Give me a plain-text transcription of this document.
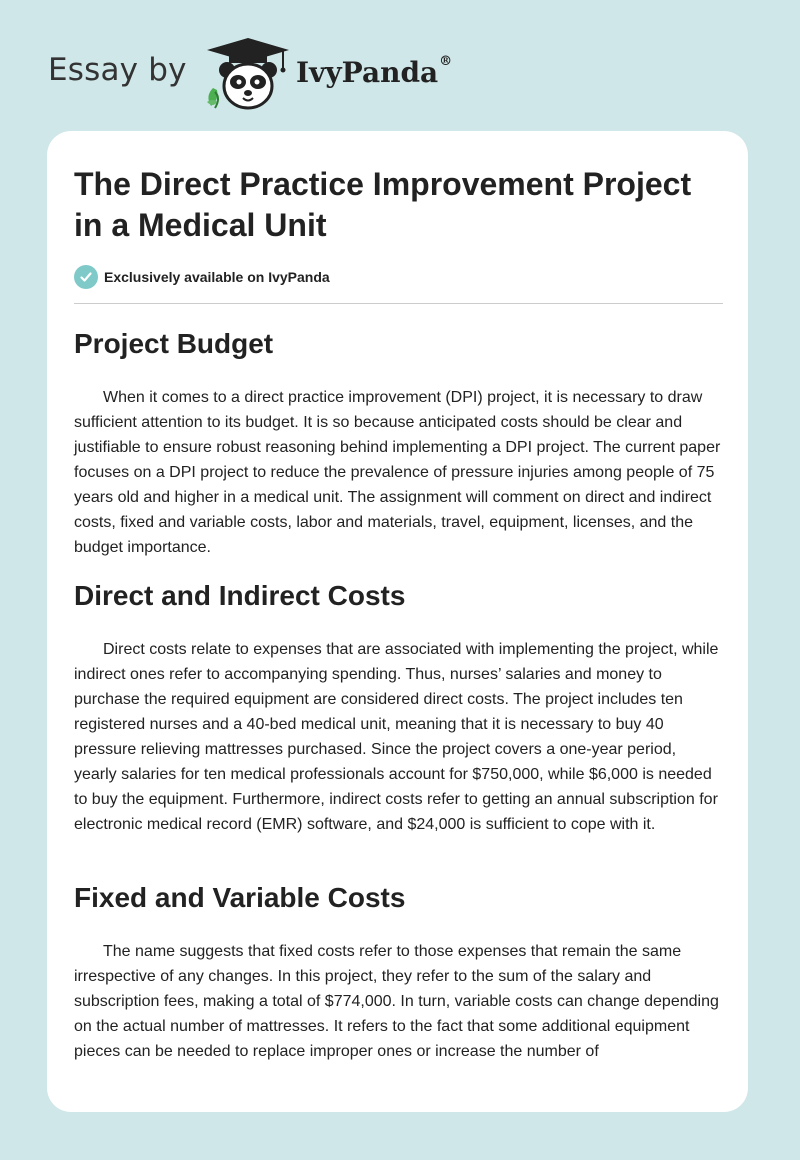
Essay by	IvyPanda®
The Direct Practice Improvement Project in a Medical Unit
Exclusively available on IvyPanda
Project Budget

When it comes to a direct practice improvement (DPI) project, it is necessary to draw sufficient attention to its budget. It is so because anticipated costs should be clear and justifiable to ensure robust reasoning behind implementing a DPI project. The current paper focuses on a DPI project to reduce the prevalence of pressure injuries among people of 75 years old and higher in a medical unit. The assignment will comment on direct and indirect costs, fixed and variable costs, labor and materials, travel, equipment, licenses, and the budget importance.

Direct and Indirect Costs

Direct costs relate to expenses that are associated with implementing the project, while indirect ones refer to accompanying spending. Thus, nurses’ salaries and money to purchase the required equipment are considered direct costs. The project includes ten registered nurses and a 40-bed medical unit, meaning that it is necessary to buy 40 pressure relieving mattresses purchased. Since the project covers a one-year period, yearly salaries for ten medical professionals account for $750,000, while $6,000 is needed to buy the equipment. Furthermore, indirect costs refer to getting an annual subscription for electronic medical record (EMR) software, and $24,000 is sufficient to cope with it.

Fixed and Variable Costs

The name suggests that fixed costs refer to those expenses that remain the same irrespective of any changes. In this project, they refer to the sum of the salary and subscription fees, making a total of $774,000. In turn, variable costs can change depending on the actual number of mattresses. It refers to the fact that some additional equipment pieces can be needed to replace improper ones or increase the number of
